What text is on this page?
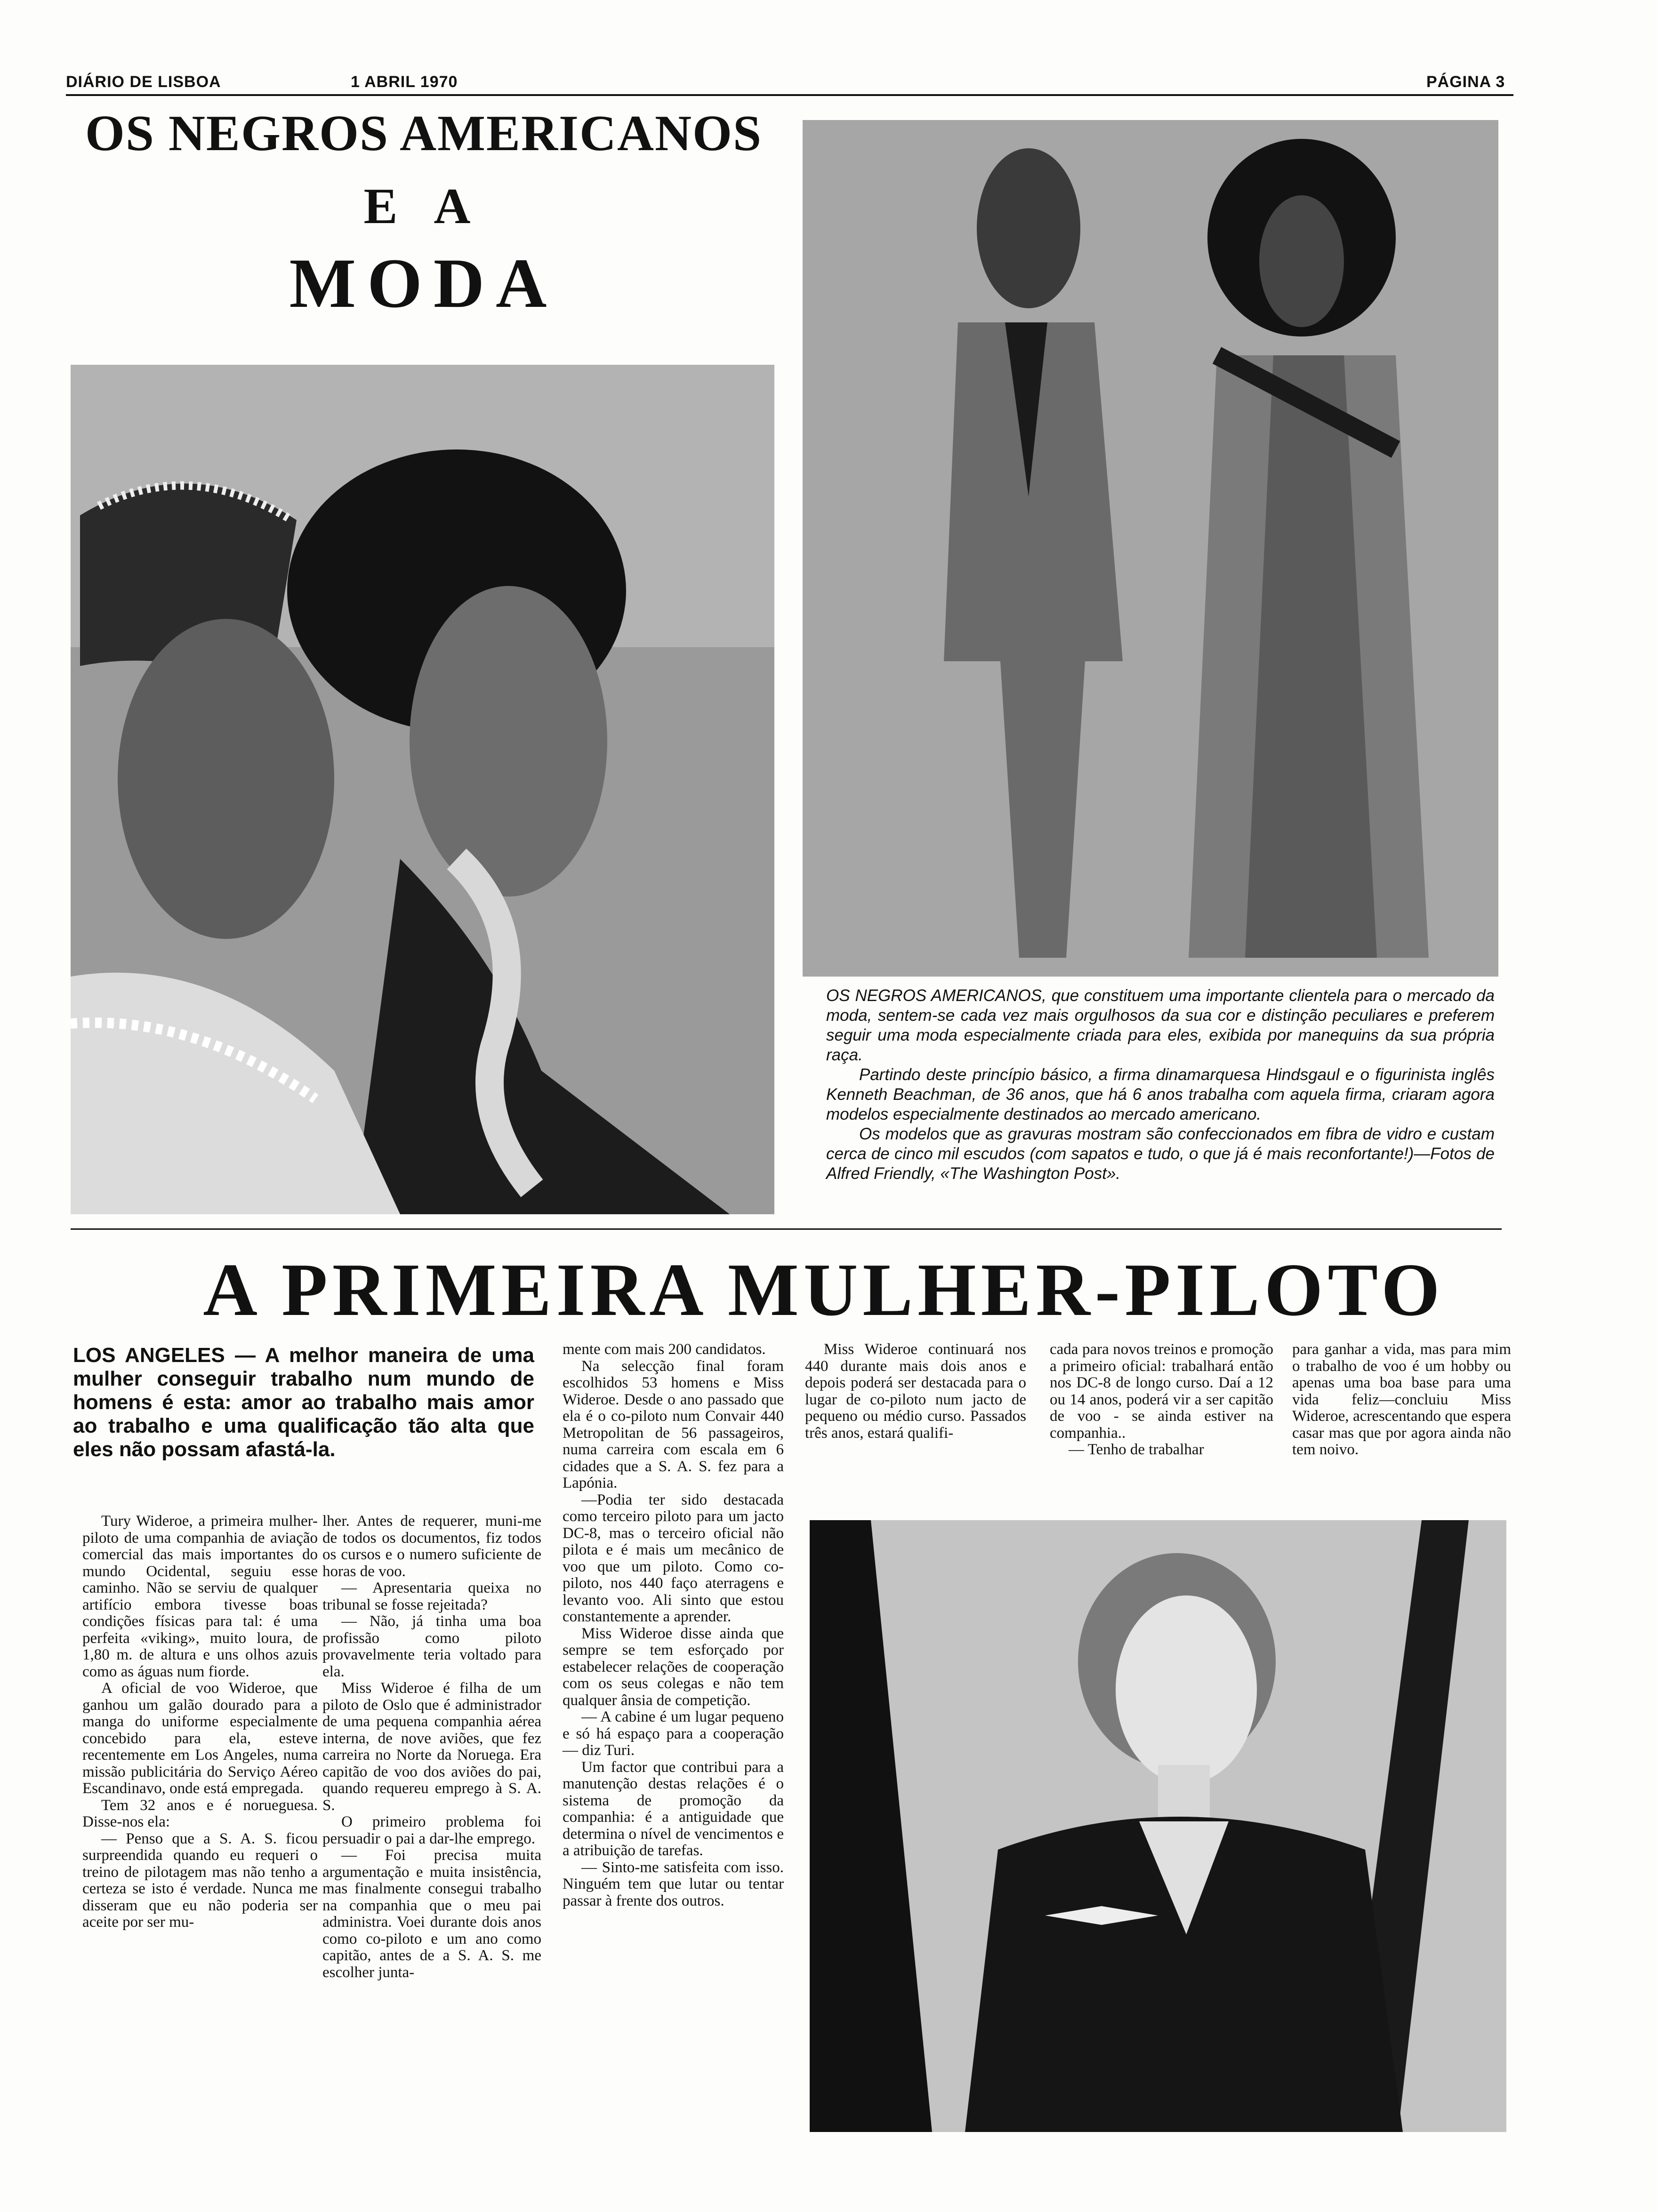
DIÁRIO DE LISBOA	1 ABRIL 1970	PÁGINA 3
OS NEGROS AMERICANOS
E A
MODA

OS NEGROS AMERICANOS, que constituem uma importante clientela para o mercado da moda, sentem-se cada vez mais orgulhosos da sua cor e distinção peculiares e preferem seguir uma moda especialmente criada para eles, exibida por manequins da sua própria raça.

Partindo deste princípio básico, a firma dinamarquesa Hindsgaul e o figurinista inglês Kenneth Beachman, de 36 anos, que há 6 anos trabalha com aquela firma, criaram agora modelos especialmente destinados ao mercado americano.

Os modelos que as gravuras mostram são confeccionados em fibra de vidro e custam cerca de cinco mil escudos (com sapatos e tudo, o que já é mais reconfortante!)—Fotos de Alfred Friendly, «The Washington Post».

A PRIMEIRA MULHER-PILOTO
LOS ANGELES — A melhor maneira de uma mulher conseguir trabalho num mundo de homens é esta: amor ao trabalho mais amor ao trabalho e uma qualificação tão alta que eles não possam afastá-la.

Tury Wideroe, a primeira mulher-piloto de uma companhia de aviação comercial das mais importantes do mundo Ocidental, seguiu esse caminho. Não se serviu de qualquer artifício embora tivesse boas condições físicas para tal: é uma perfeita «viking», muito loura, de 1,80 m. de altura e uns olhos azuis como as águas num fiorde.

A oficial de voo Wideroe, que ganhou um galão dourado para a manga do uniforme especialmente concebido para ela, esteve recentemente em Los Angeles, numa missão publicitária do Serviço Aéreo Escandinavo, onde está empregada.

Tem 32 anos e é norueguesa. Disse-nos ela:

— Penso que a S. A. S. ficou surpreendida quando eu requeri o treino de pilotagem mas não tenho a certeza se isto é verdade. Nunca me disseram que eu não poderia ser aceite por ser mu-

lher. Antes de requerer, muni-me de todos os documentos, fiz todos os cursos e o numero suficiente de horas de voo.

— Apresentaria queixa no tribunal se fosse rejeitada?

— Não, já tinha uma boa profissão como piloto provavelmente teria voltado para ela.

Miss Wideroe é filha de um piloto de Oslo que é administrador de uma pequena companhia aérea interna, de nove aviões, que fez carreira no Norte da Noruega. Era capitão de voo dos aviões do pai, quando requereu emprego à S. A. S.

O primeiro problema foi persuadir o pai a dar-lhe emprego.

— Foi precisa muita argumentação e muita insistência, mas finalmente consegui trabalho na companhia que o meu pai administra. Voei durante dois anos como co-piloto e um ano como capitão, antes de a S. A. S. me escolher junta-

mente com mais 200 candidatos.

Na selecção final foram escolhidos 53 homens e Miss Wideroe. Desde o ano passado que ela é o co-piloto num Convair 440 Metropolitan de 56 passageiros, numa carreira com escala em 6 cidades que a S. A. S. fez para a Lapónia.

—Podia ter sido destacada como terceiro piloto para um jacto DC-8, mas o terceiro oficial não pilota e é mais um mecânico de voo que um piloto. Como co-piloto, nos 440 faço aterragens e levanto voo. Ali sinto que estou constantemente a aprender.

Miss Wideroe disse ainda que sempre se tem esforçado por estabelecer relações de cooperação com os seus colegas e não tem qualquer ânsia de competição.

— A cabine é um lugar pequeno e só há espaço para a cooperação — diz Turi.

Um factor que contribui para a manutenção destas relações é o sistema de promoção da companhia: é a antiguidade que determina o nível de vencimentos e a atribuição de tarefas.

— Sinto-me satisfeita com isso. Ninguém tem que lutar ou tentar passar à frente dos outros.

Miss Wideroe continuará nos 440 durante mais dois anos e depois poderá ser destacada para o lugar de co-piloto num jacto de pequeno ou médio curso. Passados três anos, estará qualifi-

cada para novos treinos e promoção a primeiro oficial: trabalhará então nos DC-8 de longo curso. Daí a 12 ou 14 anos, poderá vir a ser capitão de voo - se ainda estiver na companhia..

— Tenho de trabalhar

para ganhar a vida, mas para mim o trabalho de voo é um hobby ou apenas uma boa base para uma vida feliz—concluiu Miss Wideroe, acrescentando que espera casar mas que por agora ainda não tem noivo.
